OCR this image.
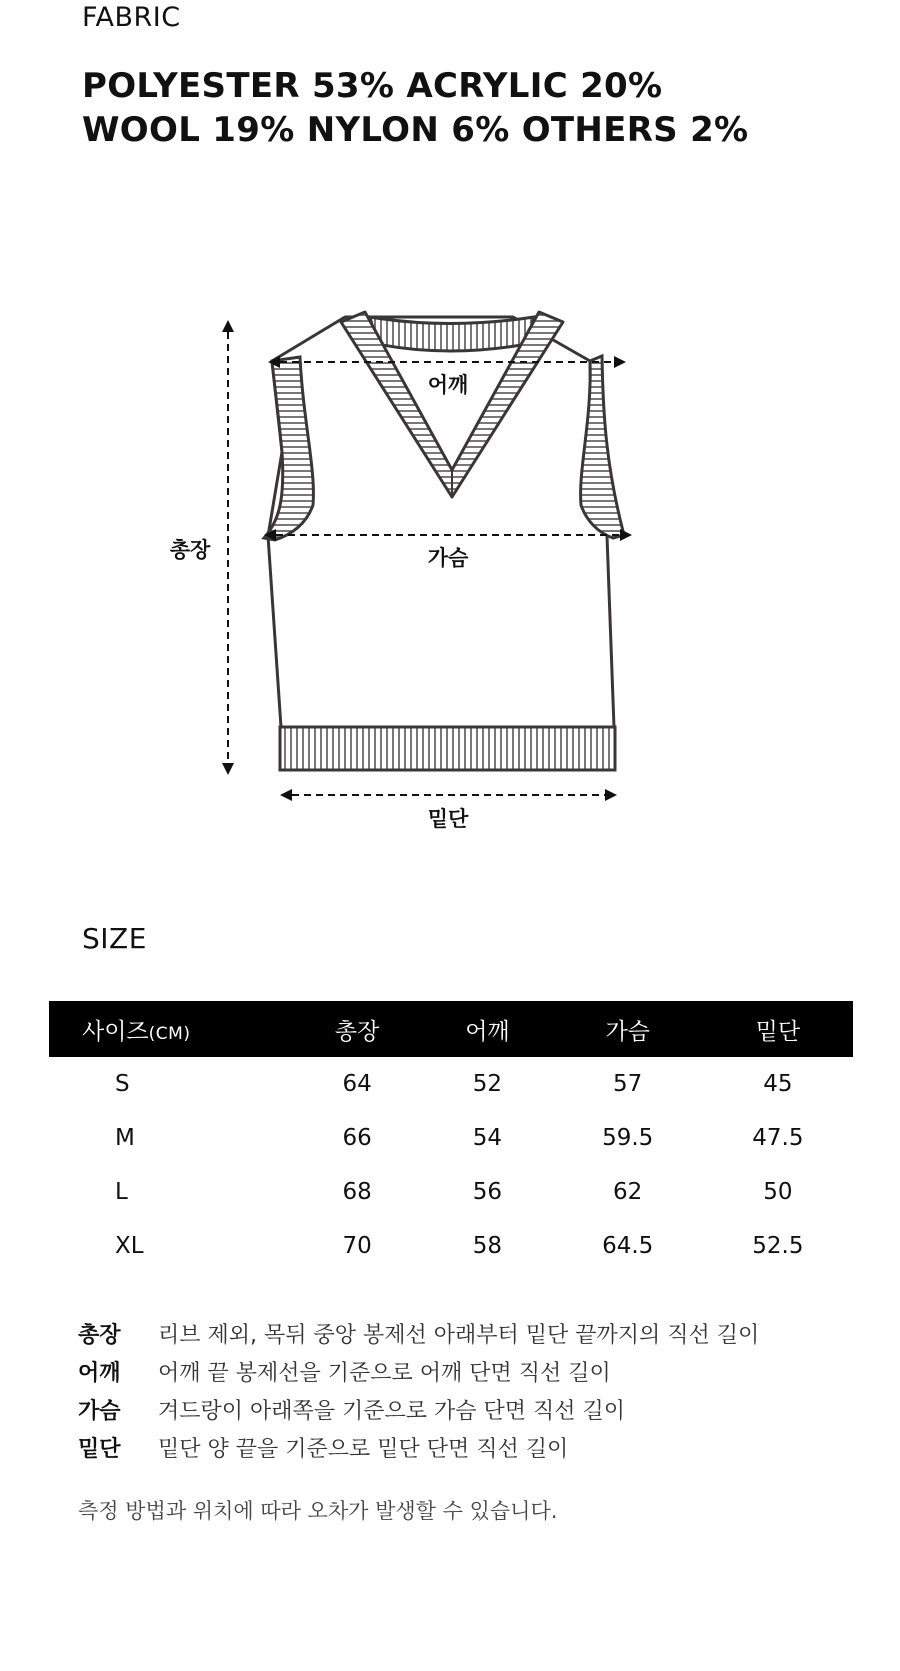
FABRIC
POLYESTER 53% ACRYLIC 20%
WOOL 19% NYLON 6% OTHERS 2%
총장
어깨
가슴
밑단
SIZE
사이즈(CM)	총장	어깨	가슴	밑단
S	64	52	57	45
M	66	54	59.5	47.5
L	68	56	62	50
XL	70	58	64.5	52.5
총장	리브 제외, 목뒤 중앙 봉제선 아래부터 밑단 끝까지의 직선 길이
어깨	어깨 끝 봉제선을 기준으로 어깨 단면 직선 길이
가슴	겨드랑이 아래쪽을 기준으로 가슴 단면 직선 길이
밑단	밑단 양 끝을 기준으로 밑단 단면 직선 길이
측정 방법과 위치에 따라 오차가 발생할 수 있습니다.
